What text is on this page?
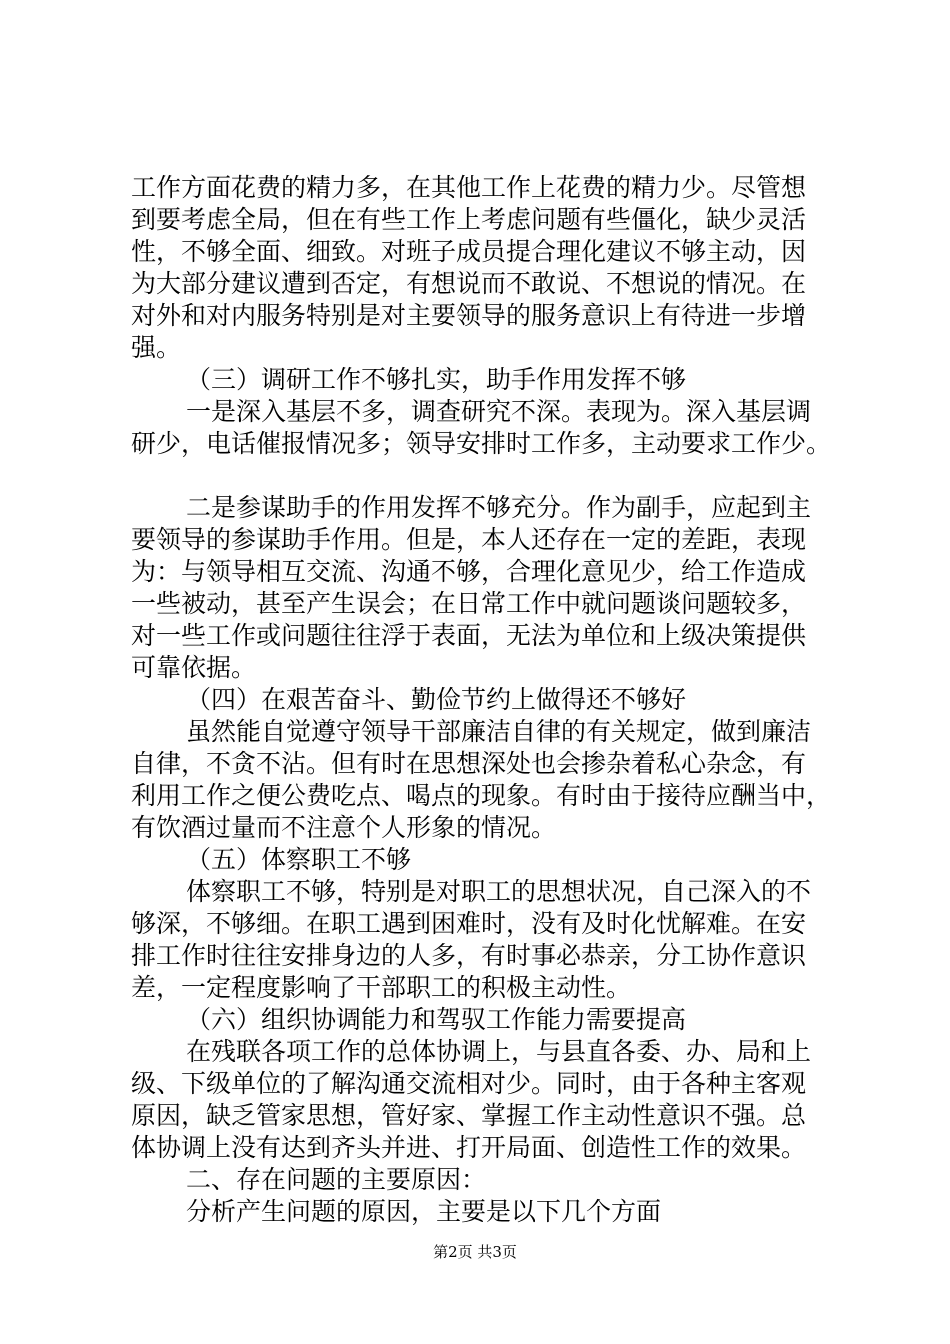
工作方面花费的精力多，在其他工作上花费的精力少。尽管想
到要考虑全局，但在有些工作上考虑问题有些僵化，缺少灵活
性，不够全面、细致。对班子成员提合理化建议不够主动，因
为大部分建议遭到否定，有想说而不敢说、不想说的情况。在
对外和对内服务特别是对主要领导的服务意识上有待进一步增
强。
（三）调研工作不够扎实，助手作用发挥不够
一是深入基层不多，调查研究不深。表现为。深入基层调
研少，电话催报情况多；领导安排时工作多，主动要求工作少。
二是参谋助手的作用发挥不够充分。作为副手，应起到主
要领导的参谋助手作用。但是，本人还存在一定的差距，表现
为：与领导相互交流、沟通不够，合理化意见少，给工作造成
一些被动，甚至产生误会；在日常工作中就问题谈问题较多，
对一些工作或问题往往浮于表面，无法为单位和上级决策提供
可靠依据。
（四）在艰苦奋斗、勤俭节约上做得还不够好
虽然能自觉遵守领导干部廉洁自律的有关规定，做到廉洁
自律，不贪不沾。但有时在思想深处也会掺杂着私心杂念，有
利用工作之便公费吃点、喝点的现象。有时由于接待应酬当中，
有饮酒过量而不注意个人形象的情况。
（五）体察职工不够
体察职工不够，特别是对职工的思想状况，自己深入的不
够深，不够细。在职工遇到困难时，没有及时化忧解难。在安
排工作时往往安排身边的人多，有时事必恭亲，分工协作意识
差，一定程度影响了干部职工的积极主动性。
（六）组织协调能力和驾驭工作能力需要提高
在残联各项工作的总体协调上，与县直各委、办、局和上
级、下级单位的了解沟通交流相对少。同时，由于各种主客观
原因，缺乏管家思想，管好家、掌握工作主动性意识不强。总
体协调上没有达到齐头并进、打开局面、创造性工作的效果。
二、存在问题的主要原因：
分析产生问题的原因，主要是以下几个方面
第2页 共3页
